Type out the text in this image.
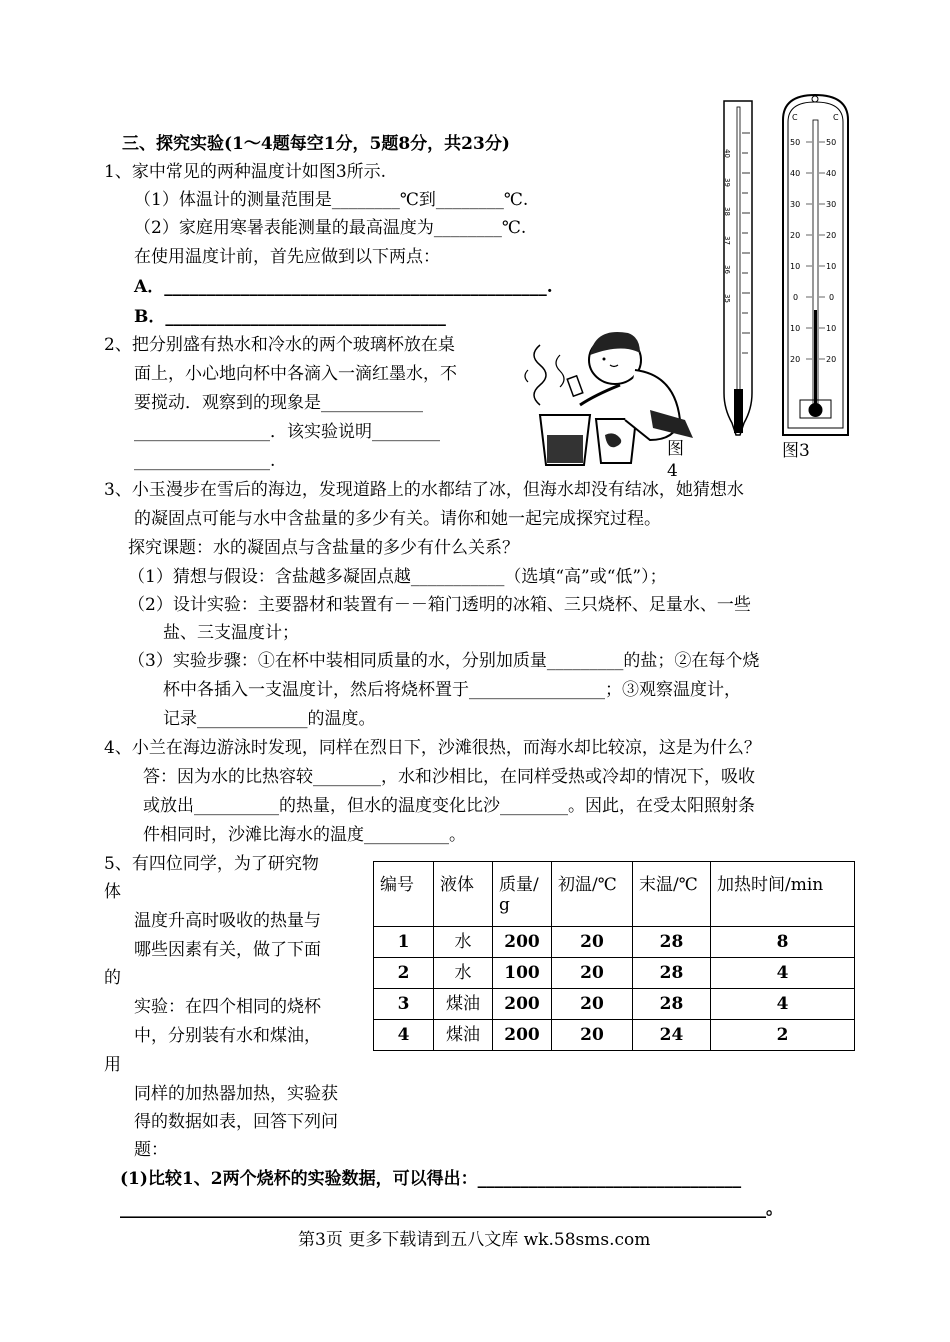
三、探究实验(1～4题每空1分，5题8分，共23分)
1、家中常见的两种温度计如图3所示.
（1）体温计的测量范围是________℃到________℃.
（2）家庭用寒暑表能测量的最高温度为________℃.
在使用温度计前，首先应做到以下两点：
A．_____________________________________________.
B．_________________________________
2、把分别盛有热水和冷水的两个玻璃杯放在桌
面上，小心地向杯中各滴入一滴红墨水，不
要搅动．观察到的现象是____________
________________．该实验说明________
________________.
图
4
35
36
37
38
39
40
C	C
50
40
30
20
10
0
10
20
50
40
30
20
10
0
10
20
图3
3、小玉漫步在雪后的海边，发现道路上的水都结了冰，但海水却没有结冰，她猜想水
的凝固点可能与水中含盐量的多少有关。请你和她一起完成探究过程。
探究课题：水的凝固点与含盐量的多少有什么关系？
（1）猜想与假设：含盐越多凝固点越___________（选填“高”或“低”）；
（2）设计实验：主要器材和装置有－－箱门透明的冰箱、三只烧杯、足量水、一些
盐、三支温度计；
（3）实验步骤：①在杯中装相同质量的水，分别加质量_________的盐；②在每个烧
杯中各插入一支温度计，然后将烧杯置于________________；③观察温度计，
记录_____________的温度。
4、小兰在海边游泳时发现，同样在烈日下，沙滩很热，而海水却比较凉，这是为什么？
答：因为水的比热容较________，水和沙相比，在同样受热或冷却的情况下，吸收
或放出__________的热量，但水的温度变化比沙________。因此，在受太阳照射条
件相同时，沙滩比海水的温度__________。
5、有四位同学，为了研究物
体
温度升高时吸收的热量与
哪些因素有关，做了下面
的
实验：在四个相同的烧杯
中，分别装有水和煤油，
用
同样的加热器加热，实验获
得的数据如表，回答下列问
题：
(1)比较1、2两个烧杯的实验数据，可以得出：_______________________________
____________________________________________________________________________。
编号	液体	质量/g	初温/℃	末温/℃	加热时间/min
1	水	200	20	28	8
2	水	100	20	28	4
3	煤油	200	20	28	4
4	煤油	200	20	24	2
第3页 更多下载请到五八文库 wk.58sms.com
